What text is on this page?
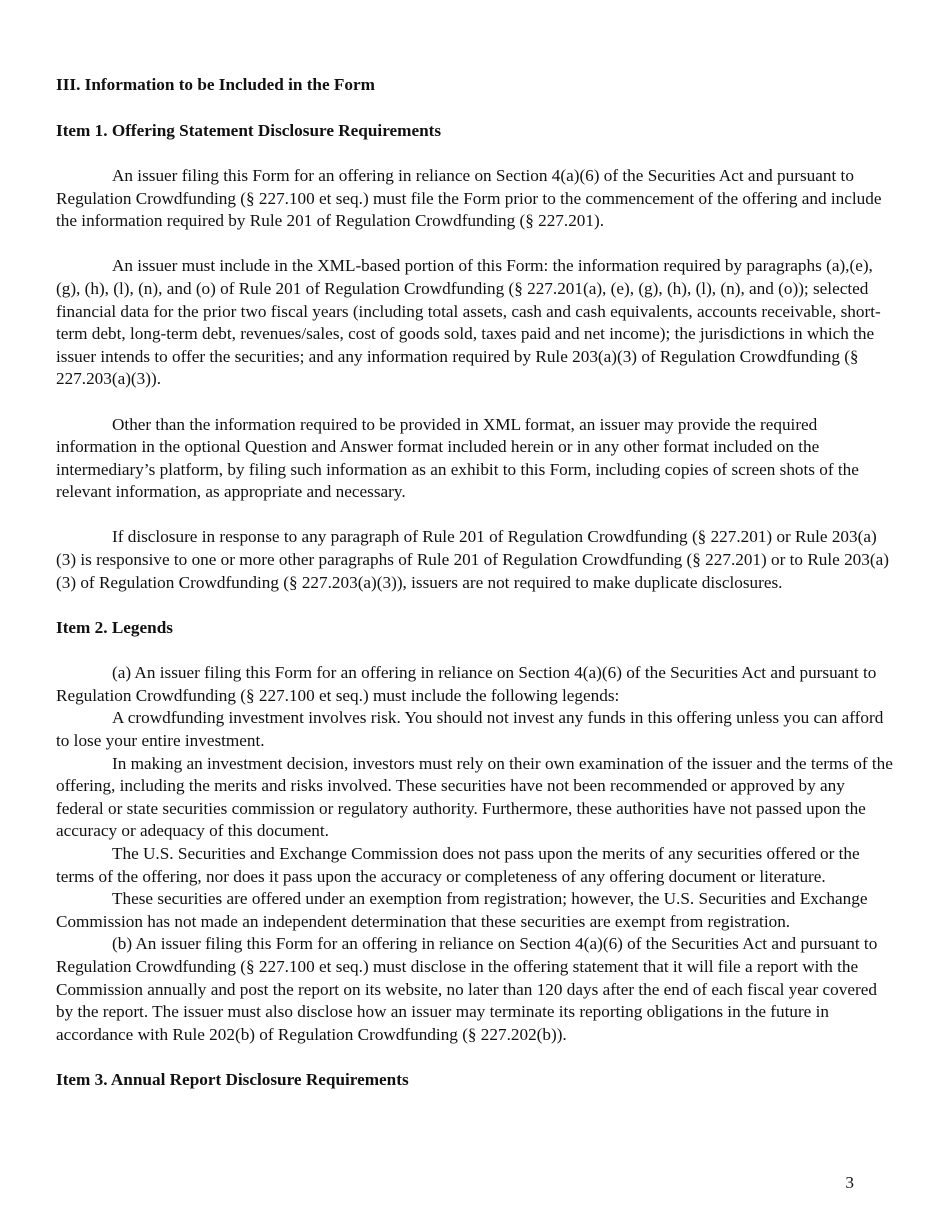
III. Information to be Included in the Form
Item 1. Offering Statement Disclosure Requirements

An issuer filing this Form for an offering in reliance on Section 4(a)(6) of the Securities Act and pursuant to Regulation Crowdfunding (§ 227.100 et seq.) must file the Form prior to the commencement of the offering and include the information required by Rule 201 of Regulation Crowdfunding (§ 227.201).

An issuer must include in the XML-based portion of this Form: the information required by paragraphs (a),(e), (g), (h), (l), (n), and (o) of Rule 201 of Regulation Crowdfunding (§ 227.201(a), (e), (g), (h), (l), (n), and (o)); selected financial data for the prior two fiscal years (including total assets, cash and cash equivalents, accounts receivable, short-term debt, long-term debt, revenues/sales, cost of goods sold, taxes paid and net income); the jurisdictions in which the issuer intends to offer the securities; and any information required by Rule 203(a)(3) of Regulation Crowdfunding (§ 227.203(a)(3)).

Other than the information required to be provided in XML format, an issuer may provide the required information in the optional Question and Answer format included herein or in any other format included on the intermediary’s platform, by filing such information as an exhibit to this Form, including copies of screen shots of the relevant information, as appropriate and necessary.

If disclosure in response to any paragraph of Rule 201 of Regulation Crowdfunding (§ 227.201) or Rule 203(a)(3) is responsive to one or more other paragraphs of Rule 201 of Regulation Crowdfunding (§ 227.201) or to Rule 203(a)(3) of Regulation Crowdfunding (§ 227.203(a)(3)), issuers are not required to make duplicate disclosures.

Item 2. Legends

(a) An issuer filing this Form for an offering in reliance on Section 4(a)(6) of the Securities Act and pursuant to Regulation Crowdfunding (§ 227.100 et seq.) must include the following legends:

A crowdfunding investment involves risk. You should not invest any funds in this offering unless you can afford to lose your entire investment.

In making an investment decision, investors must rely on their own examination of the issuer and the terms of the offering, including the merits and risks involved. These securities have not been recommended or approved by any federal or state securities commission or regulatory authority. Furthermore, these authorities have not passed upon the accuracy or adequacy of this document.

The U.S. Securities and Exchange Commission does not pass upon the merits of any securities offered or the terms of the offering, nor does it pass upon the accuracy or completeness of any offering document or literature.

These securities are offered under an exemption from registration; however, the U.S. Securities and Exchange Commission has not made an independent determination that these securities are exempt from registration.

(b) An issuer filing this Form for an offering in reliance on Section 4(a)(6) of the Securities Act and pursuant to Regulation Crowdfunding (§ 227.100 et seq.) must disclose in the offering statement that it will file a report with the Commission annually and post the report on its website, no later than 120 days after the end of each fiscal year covered by the report. The issuer must also disclose how an issuer may terminate its reporting obligations in the future in accordance with Rule 202(b) of Regulation Crowdfunding (§ 227.202(b)).

Item 3. Annual Report Disclosure Requirements
3
